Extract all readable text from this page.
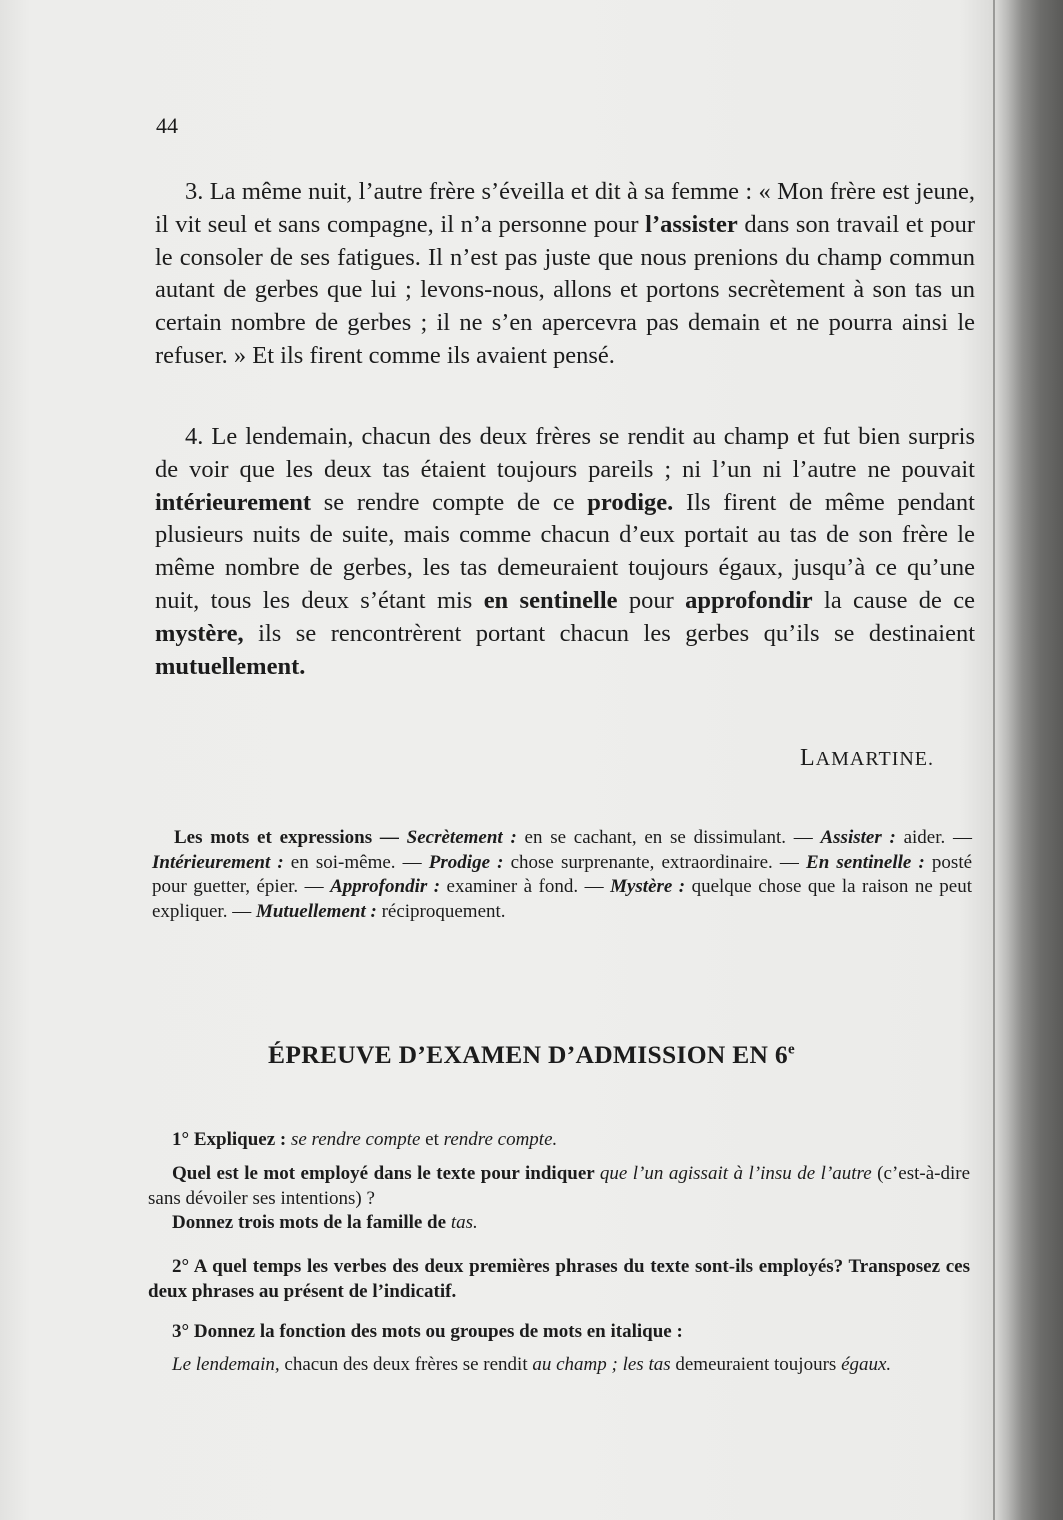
44

3. La même nuit, l’autre frère s’éveilla et dit à sa femme : « Mon frère est jeune, il vit seul et sans compagne, il n’a personne pour l’assister dans son travail et pour le consoler de ses fatigues. Il n’est pas juste que nous prenions du champ commun autant de gerbes que lui ; levons-nous, allons et portons secrètement à son tas un certain nombre de gerbes ; il ne s’en apercevra pas demain et ne pourra ainsi le refuser. » Et ils firent comme ils avaient pensé.

4. Le lendemain, chacun des deux frères se rendit au champ et fut bien surpris de voir que les deux tas étaient toujours pareils ; ni l’un ni l’autre ne pouvait intérieurement se rendre compte de ce prodige. Ils firent de même pendant plusieurs nuits de suite, mais comme chacun d’eux portait au tas de son frère le même nombre de gerbes, les tas demeuraient toujours égaux, jusqu’à ce qu’une nuit, tous les deux s’étant mis en sentinelle pour approfondir la cause de ce mystère, ils se rencontrèrent portant chacun les gerbes qu’ils se destinaient mutuellement.

LAMARTINE.

Les mots et expressions — Secrètement : en se cachant, en se dissimulant. — Assister : aider. — Intérieurement : en soi-même. — Prodige : chose surprenante, extraordinaire. — En sentinelle : posté pour guetter, épier. — Approfondir : examiner à fond. — Mystère : quelque chose que la raison ne peut expliquer. — Mutuellement : réciproquement.

ÉPREUVE D’EXAMEN D’ADMISSION EN 6e

1° Expliquez : se rendre compte et rendre compte.

Quel est le mot employé dans le texte pour indiquer que l’un agissait à l’insu de l’autre (c’est-à-dire sans dévoiler ses intentions) ?

Donnez trois mots de la famille de tas.

2° A quel temps les verbes des deux premières phrases du texte sont-ils employés? Transposez ces deux phrases au présent de l’indicatif.

3° Donnez la fonction des mots ou groupes de mots en italique :

Le lendemain, chacun des deux frères se rendit au champ ; les tas demeuraient toujours égaux.
